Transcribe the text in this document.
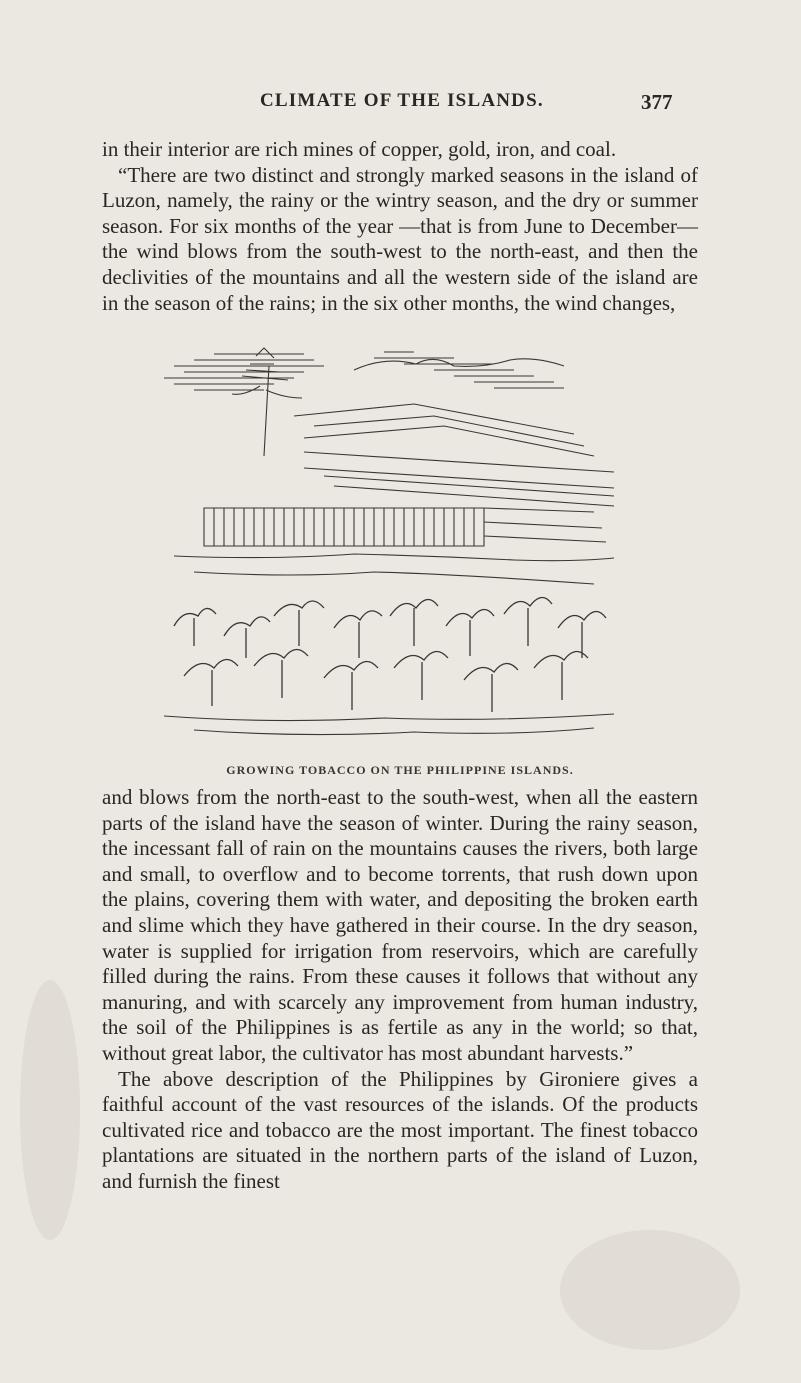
CLIMATE OF THE ISLANDS.	377

in their interior are rich mines of copper, gold, iron, and coal.

“There are two distinct and strongly marked seasons in the island of Luzon, namely, the rainy or the wintry season, and the dry or summer season. For six months of the year —that is from June to December—the wind blows from the south-west to the north-east, and then the declivities of the mountains and all the western side of the island are in the season of the rains; in the six other months, the wind changes,

GROWING TOBACCO ON THE PHILIPPINE ISLANDS.

and blows from the north-east to the south-west, when all the eastern parts of the island have the season of winter. During the rainy season, the incessant fall of rain on the mountains causes the rivers, both large and small, to overflow and to become torrents, that rush down upon the plains, covering them with water, and depositing the broken earth and slime which they have gathered in their course. In the dry season, water is supplied for irrigation from reservoirs, which are carefully filled during the rains. From these causes it follows that without any manuring, and with scarcely any improvement from human industry, the soil of the Philippines is as fertile as any in the world; so that, without great labor, the cultivator has most abundant harvests.”

The above description of the Philippines by Gironiere gives a faithful account of the vast resources of the islands. Of the products cultivated rice and tobacco are the most important. The finest tobacco plantations are situated in the northern parts of the island of Luzon, and furnish the finest
